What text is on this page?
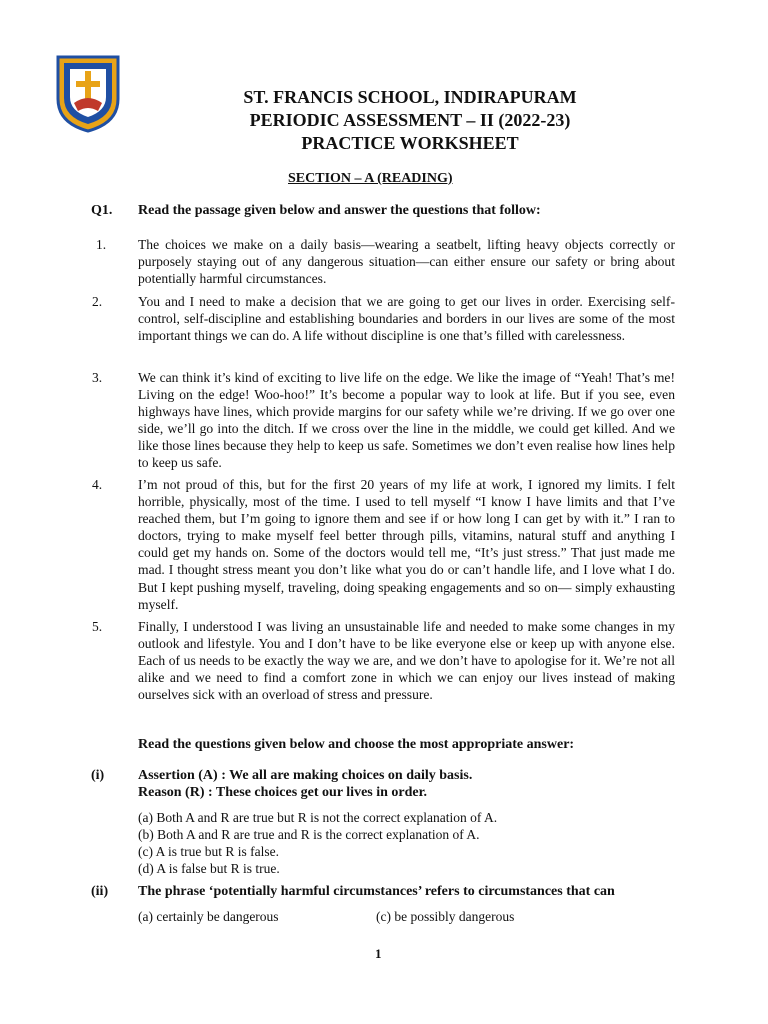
ST. FRANCIS SCHOOL, INDIRAPURAM
PERIODIC ASSESSMENT – II (2022-23)
PRACTICE WORKSHEET
SECTION – A (READING)
Q1. Read the passage given below and answer the questions that follow:
1. The choices we make on a daily basis—wearing a seatbelt, lifting heavy objects correctly or purposely staying out of any dangerous situation—can either ensure our safety or bring about potentially harmful circumstances.
2.	You and I need to make a decision that we are going to get our lives in order. Exercising self-control, self-discipline and establishing boundaries and borders in our lives are some of the most important things we can do. A life without discipline is one that’s filled with carelessness.
3.	We can think it’s kind of exciting to live life on the edge. We like the image of “Yeah! That’s me! Living on the edge! Woo-hoo!” It’s become a popular way to look at life. But if you see, even highways have lines, which provide margins for our safety while we’re driving. If we go over one side, we’ll go into the ditch. If we cross over the line in the middle, we could get killed. And we like those lines because they help to keep us safe. Sometimes we don’t even realise how lines help to keep us safe.
4.	I’m not proud of this, but for the first 20 years of my life at work, I ignored my limits. I felt horrible, physically, most of the time. I used to tell myself “I know I have limits and that I’ve reached them, but I’m going to ignore them and see if or how long I can get by with it.” I ran to doctors, trying to make myself feel better through pills, vitamins, natural stuff and anything I could get my hands on. Some of the doctors would tell me, “It’s just stress.” That just made me mad. I thought stress meant you don’t like what you do or can’t handle life, and I love what I do. But I kept pushing myself, traveling, doing speaking engagements and so on— simply exhausting myself.
5.	Finally, I understood I was living an unsustainable life and needed to make some changes in my outlook and lifestyle. You and I don’t have to be like everyone else or keep up with anyone else. Each of us needs to be exactly the way we are, and we don’t have to apologise for it. We’re not all alike and we need to find a comfort zone in which we can enjoy our lives instead of making ourselves sick with an overload of stress and pressure.
Read the questions given below and choose the most appropriate answer:
(i) Assertion (A) : We all are making choices on daily basis.
Reason (R) : These choices get our lives in order.
(a) Both A and R are true but R is not the correct explanation of A.
(b) Both A and R are true and R is the correct explanation of A.
(c) A is true but R is false.
(d) A is false but R is true.
(ii) The phrase ‘potentially harmful circumstances’ refers to circumstances that can
(a) certainly be dangerous	(c) be possibly dangerous
1
